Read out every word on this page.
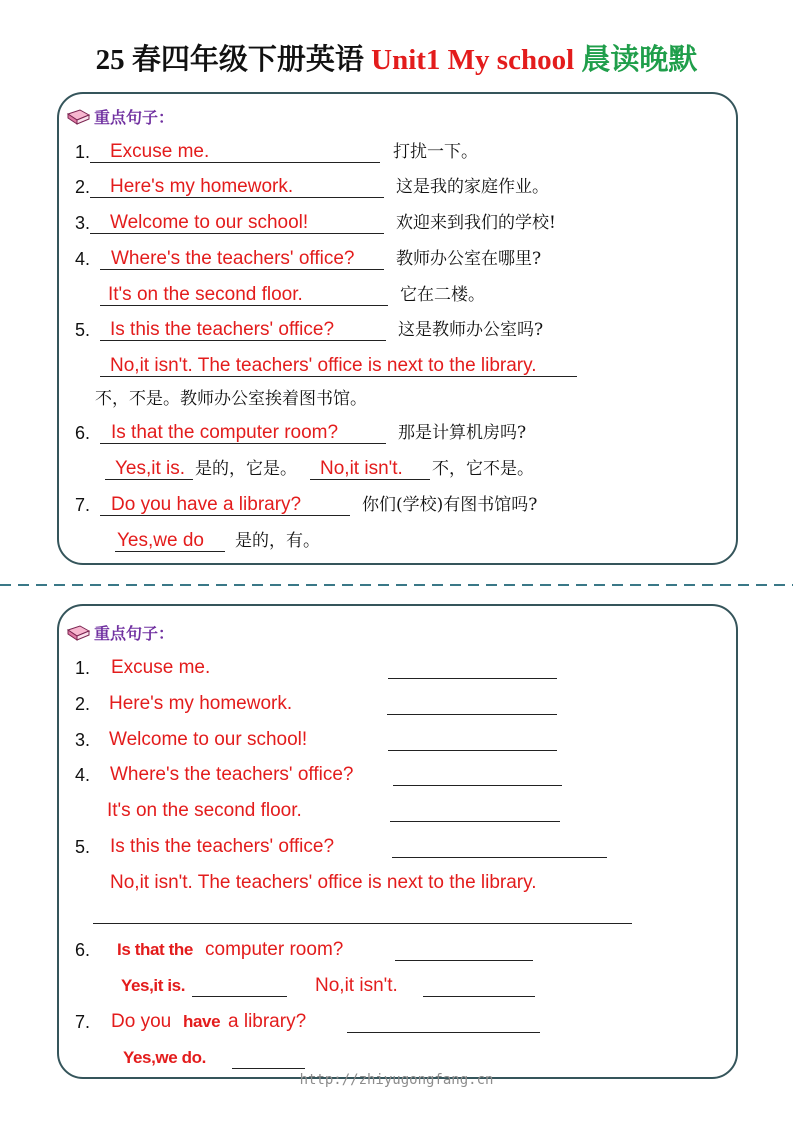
25 春四年级下册英语 Unit1 My school 晨读晚默
重点句子：
1.	Excuse me.	打扰一下。
2.	Here's my homework.	这是我的家庭作业。
3.	Welcome to our school!	欢迎来到我们的学校!
4.	Where's the teachers' office?	教师办公室在哪里?
It's on the second floor.	它在二楼。
5.	Is this the teachers' office?	这是教师办公室吗?
No,it isn't. The teachers' office is next to the library.
不，不是。教师办公室挨着图书馆。
6.	Is that the computer room?	那是计算机房吗?
Yes,it is. 是的，它是。	No,it isn't.	不，它不是。
7.	Do you have a library?	你们(学校)有图书馆吗?
Yes,we do	是的，有。
重点句子：
1. Excuse me.
2. Here's my homework.
3. Welcome to our school!
4. Where's the teachers' office?
It's on the second floor.
5. Is this the teachers' office?
No,it isn't. The teachers' office is next to the library.
6. Is that the computer room?
Yes,it is.	No,it isn't.
7. Do you have a library?
Yes,we do.
http://zhiyugongfang.cn
